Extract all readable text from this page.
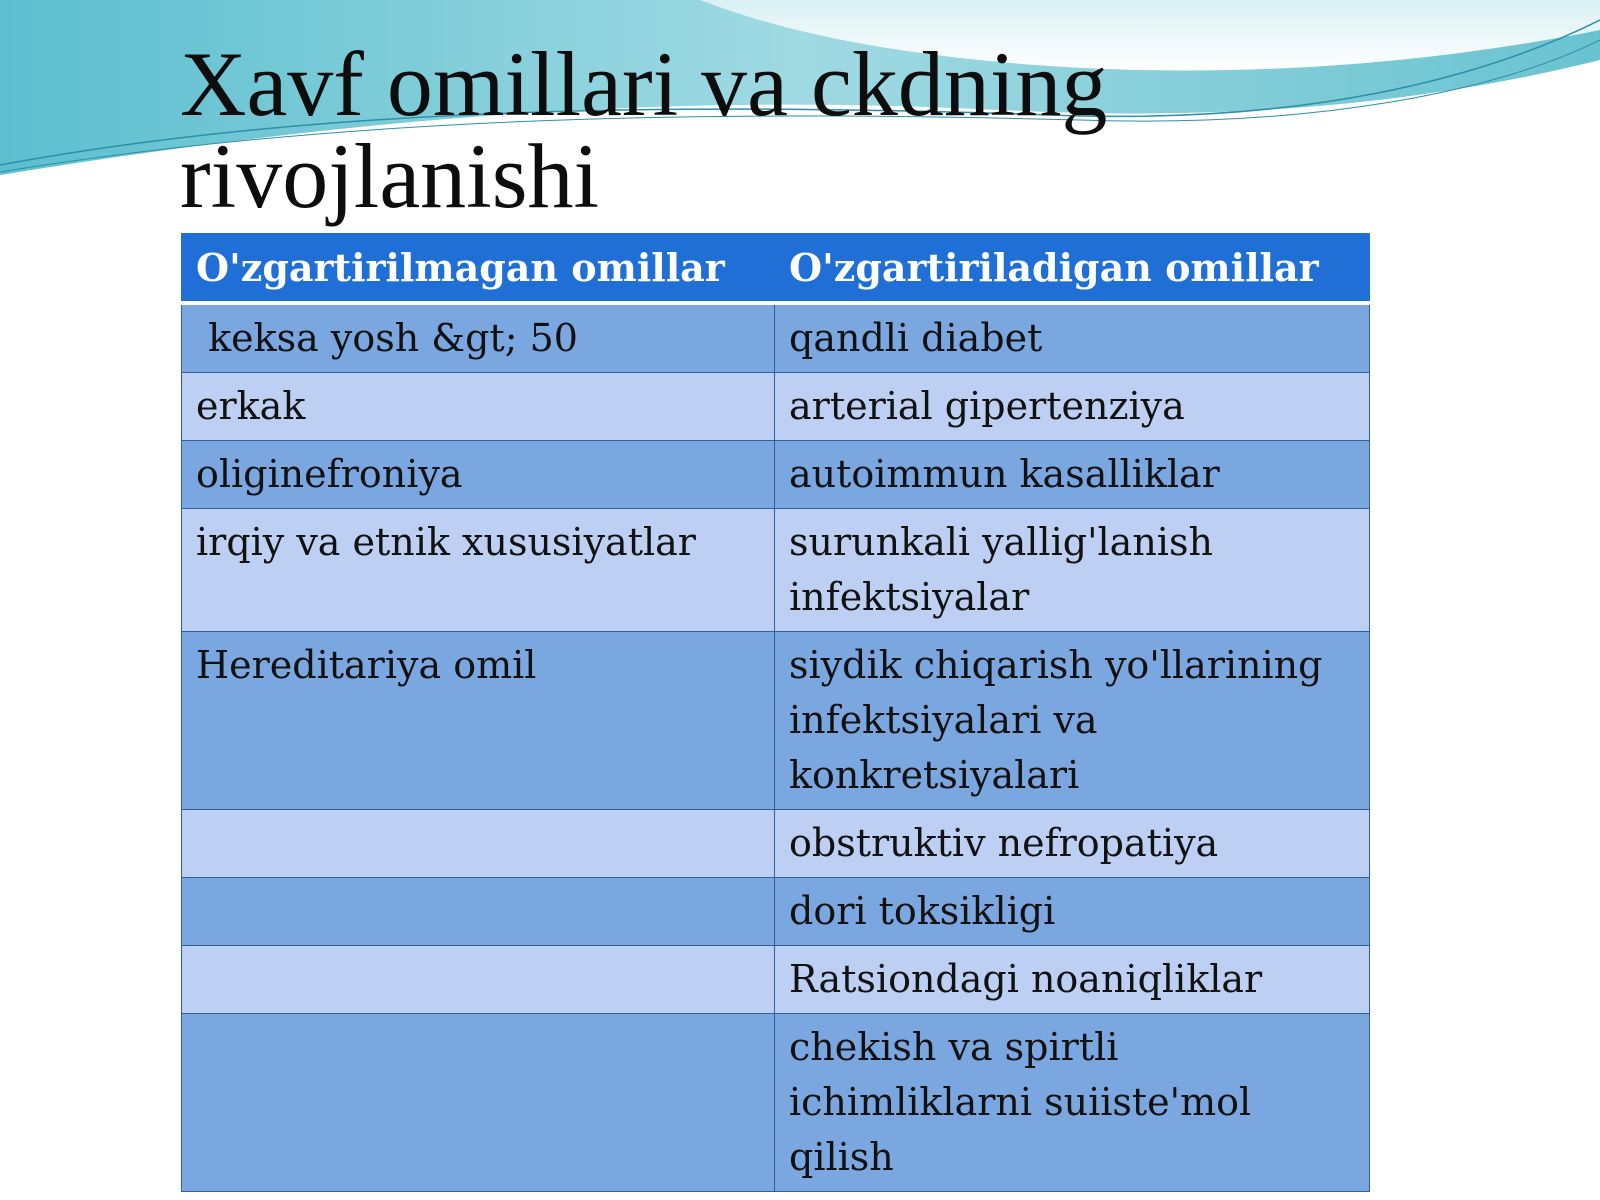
Xavf omillari va ckdning rivojlanishi
O'zgartirilmagan omillar	O'zgartiriladigan omillar
keksa yosh &gt; 50	qandli diabet
erkak	arterial gipertenziya
oliginefroniya	autoimmun kasalliklar
irqiy va etnik xususiyatlar	surunkali yallig'lanish infektsiyalar
Hereditariya omil	siydik chiqarish yo'llarining infektsiyalari va konkretsiyalari
	obstruktiv nefropatiya
	dori toksikligi
	Ratsiondagi noaniqliklar
	chekish va spirtli ichimliklarni suiiste'mol qilish
